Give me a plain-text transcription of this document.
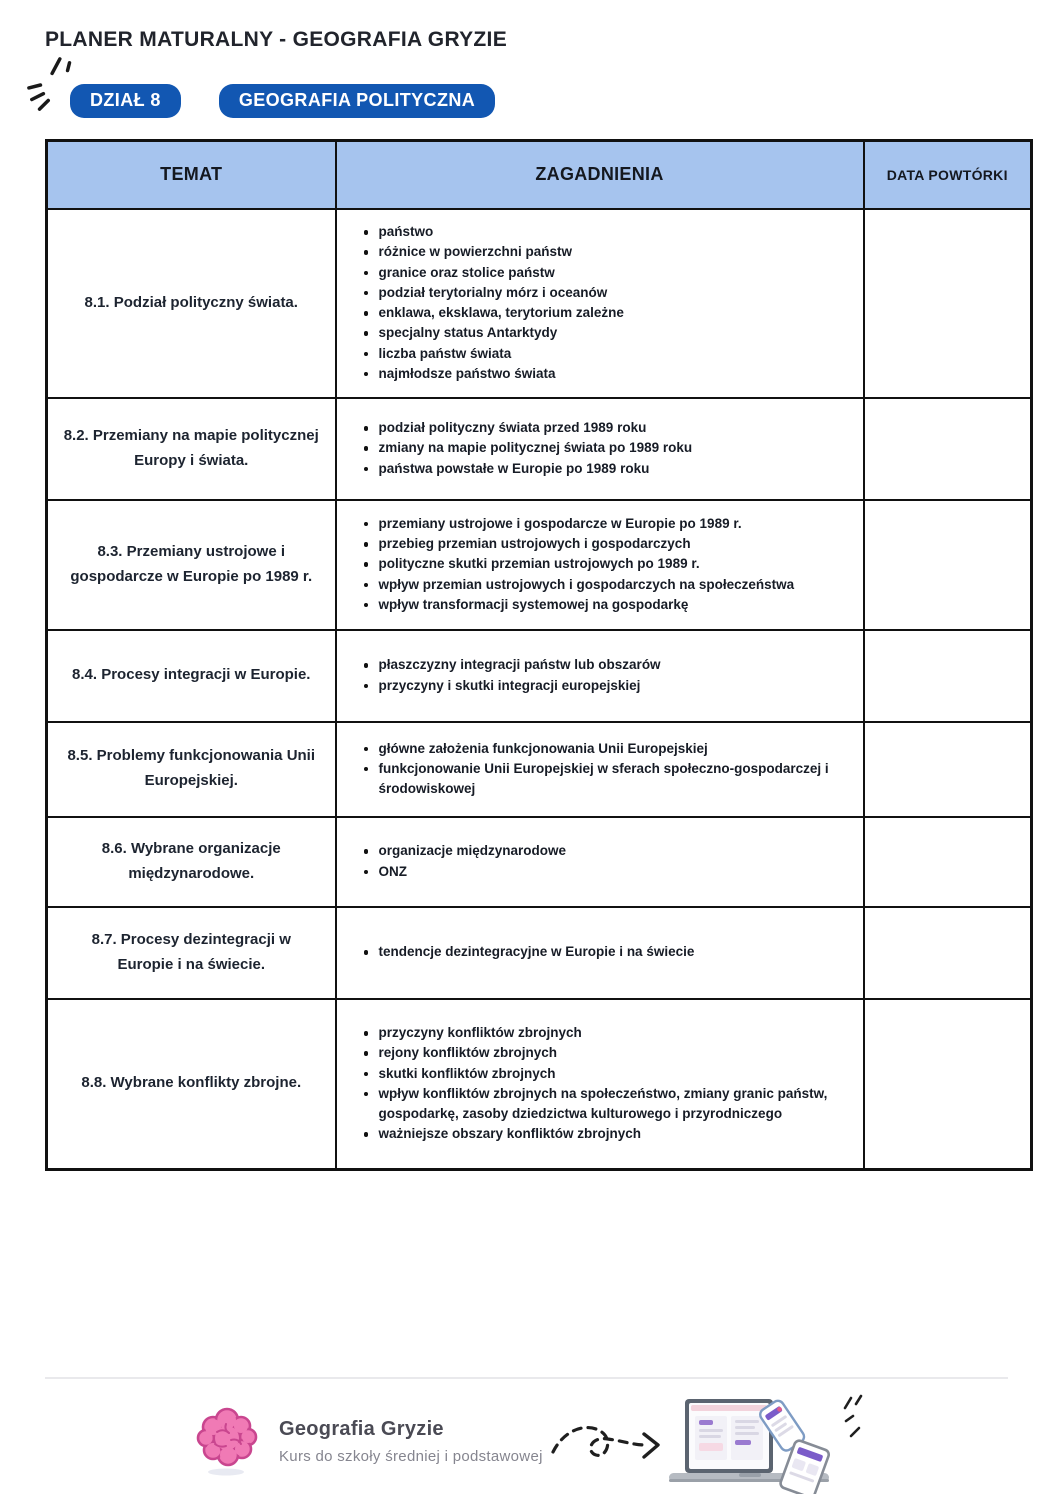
PLANER MATURALNY - GEOGRAFIA GRYZIE
DZIAŁ 8	GEOGRAFIA POLITYCZNA
TEMAT	ZAGADNIENIA	DATA POWTÓRKI
8.1. Podział polityczny świata.	
państwo
różnice w powierzchni państw
granice oraz stolice państw
podział terytorialny mórz i oceanów
enklawa, eksklawa, terytorium zależne
specjalny status Antarktydy
liczba państw świata
najmłodsze państwo świata

8.2. Przemiany na mapie politycznej Europy i świata.	
podział polityczny świata przed 1989 roku
zmiany na mapie politycznej świata po 1989 roku
państwa powstałe w Europie po 1989 roku

8.3. Przemiany ustrojowe i gospodarcze w Europie po 1989 r.	
przemiany ustrojowe i gospodarcze w Europie po 1989 r.
przebieg przemian ustrojowych i gospodarczych
polityczne skutki przemian ustrojowych po 1989 r.
wpływ przemian ustrojowych i gospodarczych na społeczeństwa
wpływ transformacji systemowej na gospodarkę

8.4. Procesy integracji w Europie.	
płaszczyzny integracji państw lub obszarów
przyczyny i skutki integracji europejskiej

8.5. Problemy funkcjonowania Unii Europejskiej.	
główne założenia funkcjonowania Unii Europejskiej
funkcjonowanie Unii Europejskiej w sferach społeczno-gospodarczej i środowiskowej

8.6. Wybrane organizacje międzynarodowe.	
organizacje międzynarodowe
ONZ

8.7. Procesy dezintegracji w Europie i na świecie.	
tendencje dezintegracyjne w Europie i na świecie

8.8. Wybrane konflikty zbrojne.	
przyczyny konfliktów zbrojnych
rejony konfliktów zbrojnych
skutki konfliktów zbrojnych
wpływ konfliktów zbrojnych na społeczeństwo, zmiany granic państw, gospodarkę, zasoby dziedzictwa kulturowego i przyrodniczego
ważniejsze obszary konfliktów zbrojnych

Geografia Gryzie
Kurs do szkoły średniej i podstawowej
